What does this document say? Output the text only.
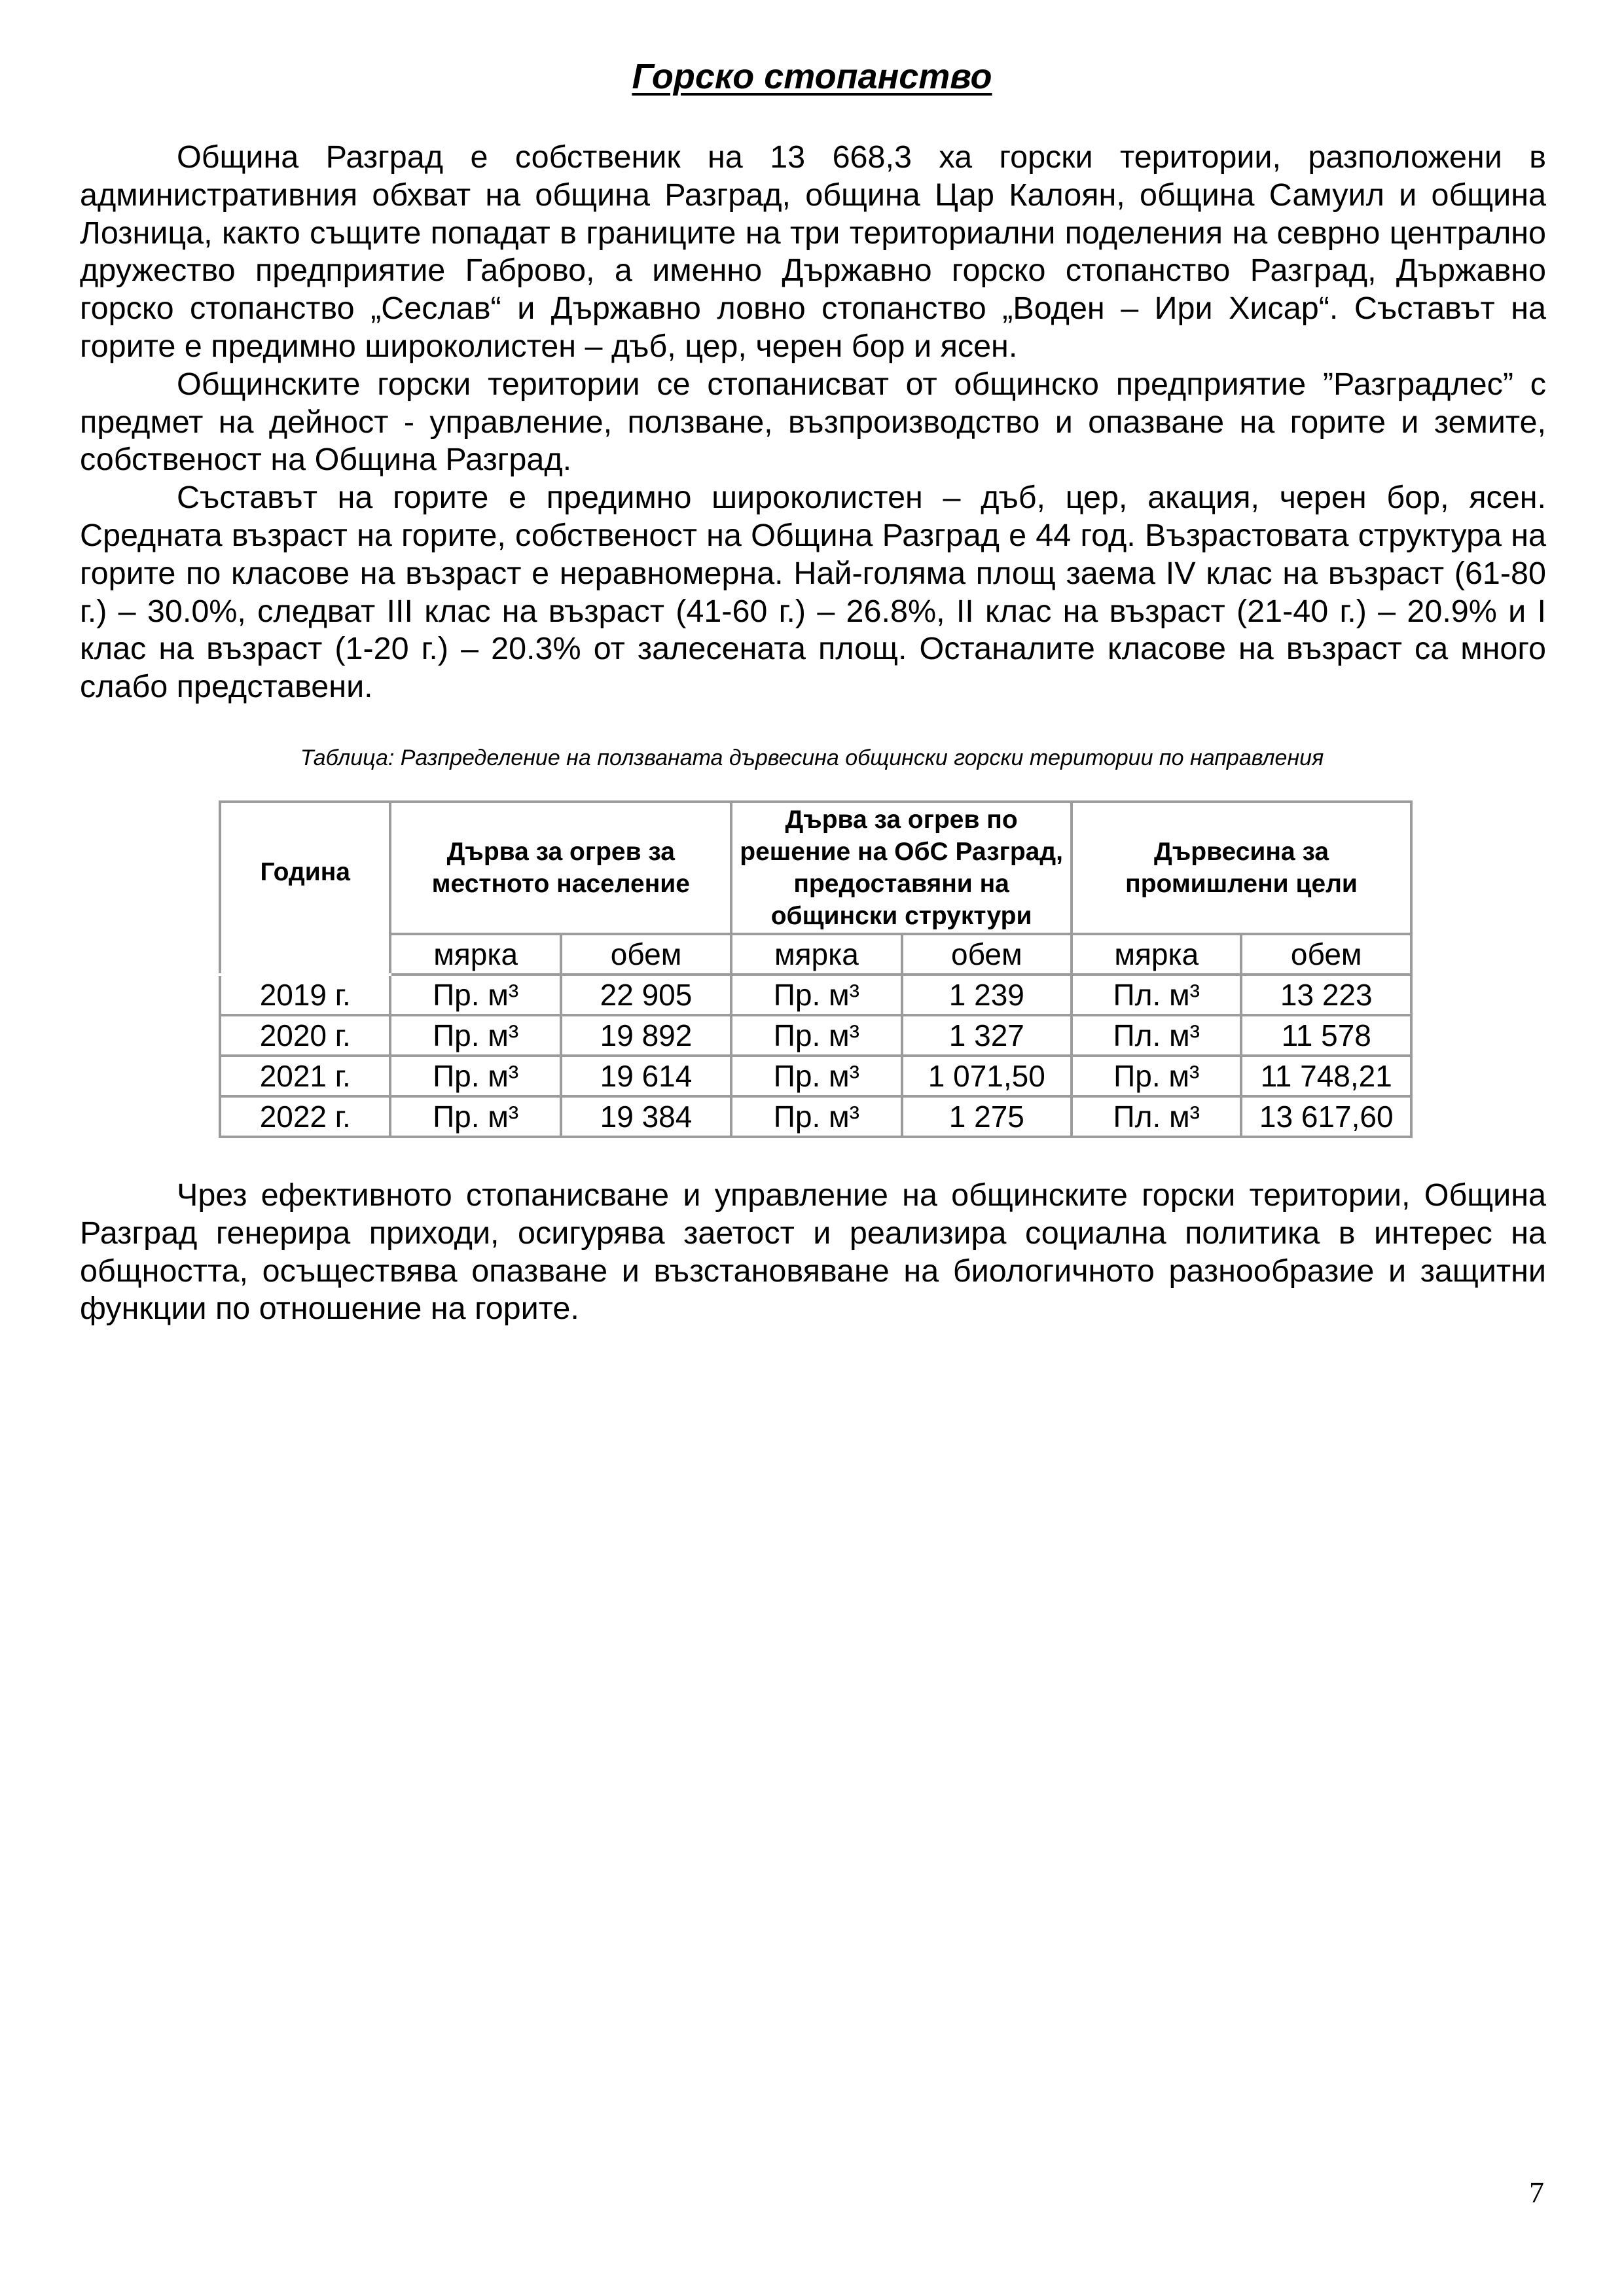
Горско стопанство

Община Разград е собственик на 13 668,3 ха горски територии, разположени в административния обхват на община Разград, община Цар Калоян, община Самуил и община Лозница, както същите попадат в границите на три териториални поделения на севрно централно дружество предприятие Габрово, а именно Държавно горско стопанство Разград, Държавно горско стопанство „Сеслав“ и Държавно ловно стопанство „Воден – Ири Хисар“. Съставът на горите е предимно широколистен – дъб, цер, черен бор и ясен.

Общинските горски територии се стопанисват от общинско предприятие ”Разградлес” с предмет на дейност - управление, ползване, възпроизводство и опазване на горите и земите, собственост на Община Разград.

Съставът на горите е предимно широколистен – дъб, цер, акация, черен бор, ясен. Средната възраст на горите, собственост на Община Разград е 44 год. Възрастовата структура на горите по класове на възраст е неравномерна. Най-голяма площ заема IV клас на възраст (61-80 г.) – 30.0%, следват III клас на възраст (41-60 г.) – 26.8%, II клас на възраст (21-40 г.) – 20.9% и I клас на възраст (1-20 г.) – 20.3% от залесената площ. Останалите класове на възраст са много слабо представени.

Таблица: Разпределение на ползваната дървесина общински горски територии по направления
Година	Дърва за огрев за местното население		Дърва за огрев по решение на ОбС Разград, предоставяни на общински структури		Дървесина за промишлени цели	
	мярка	обем	мярка	обем	мярка	обем
2019 г.	Пр. м³	22 905	Пр. м³	1 239	Пл. м³	13 223
2020 г.	Пр. м³	19 892	Пр. м³	1 327	Пл. м³	11 578
2021 г.	Пр. м³	19 614	Пр. м³	1 071,50	Пр. м³	11 748,21
2022 г.	Пр. м³	19 384	Пр. м³	1 275	Пл. м³	13 617,60

Чрез ефективното стопанисване и управление на общинските горски територии, Община Разград генерира приходи, осигурява заетост и реализира социална политика в интерес на общността, осъществява опазване и възстановяване на биологичното разнообразие и защитни функции по отношение на горите.

7
